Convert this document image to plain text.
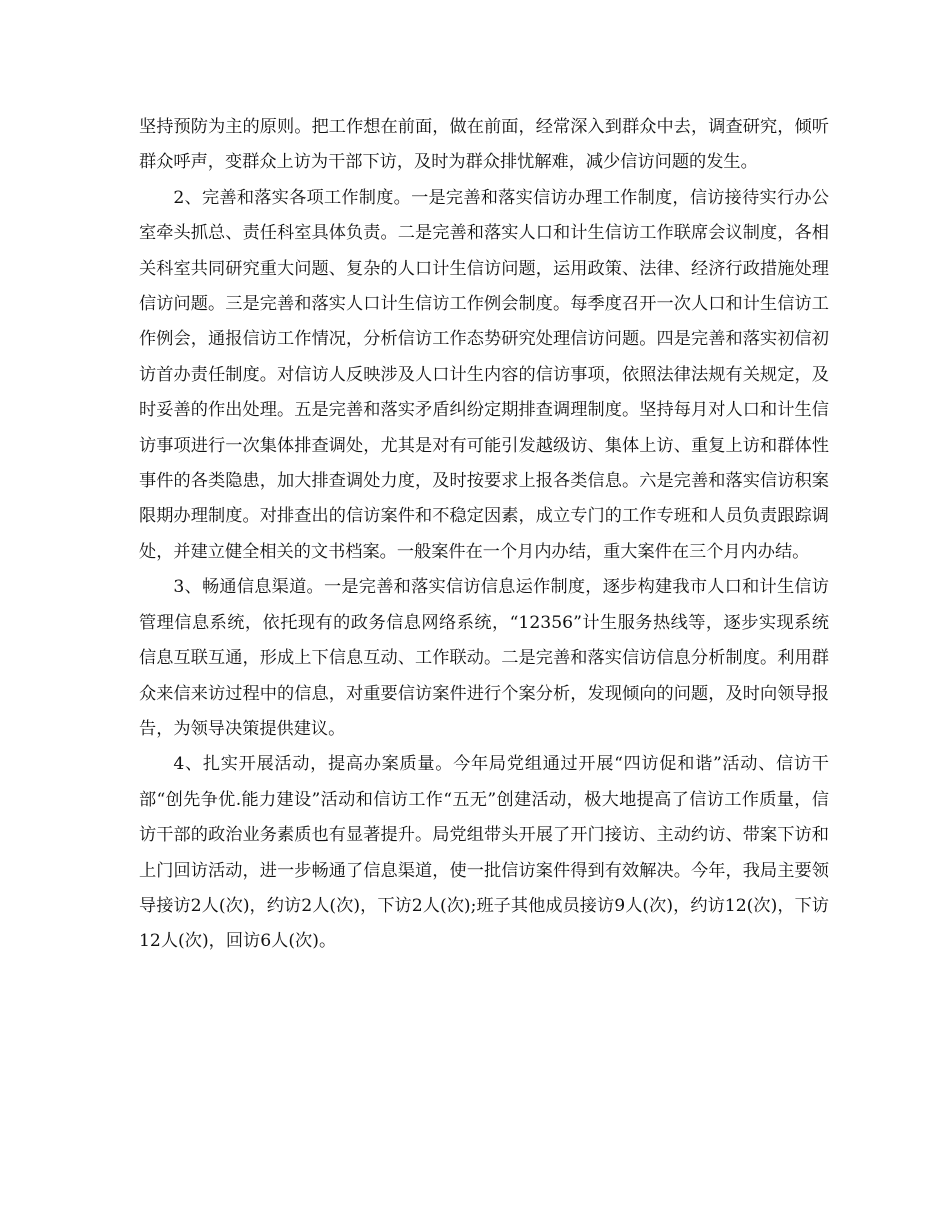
坚持预防为主的原则。把工作想在前面，做在前面，经常深入到群众中去，调查研究，倾听群众呼声，变群众上访为干部下访，及时为群众排忧解难，减少信访问题的发生。

2、完善和落实各项工作制度。一是完善和落实信访办理工作制度，信访接待实行办公室牵头抓总、责任科室具体负责。二是完善和落实人口和计生信访工作联席会议制度，各相关科室共同研究重大问题、复杂的人口计生信访问题，运用政策、法律、经济行政措施处理信访问题。三是完善和落实人口计生信访工作例会制度。每季度召开一次人口和计生信访工作例会，通报信访工作情况，分析信访工作态势研究处理信访问题。四是完善和落实初信初访首办责任制度。对信访人反映涉及人口计生内容的信访事项，依照法律法规有关规定，及时妥善的作出处理。五是完善和落实矛盾纠纷定期排查调理制度。坚持每月对人口和计生信访事项进行一次集体排查调处，尤其是对有可能引发越级访、集体上访、重复上访和群体性事件的各类隐患，加大排查调处力度，及时按要求上报各类信息。六是完善和落实信访积案限期办理制度。对排查出的信访案件和不稳定因素，成立专门的工作专班和人员负责跟踪调处，并建立健全相关的文书档案。一般案件在一个月内办结，重大案件在三个月内办结。

3、畅通信息渠道。一是完善和落实信访信息运作制度，逐步构建我市人口和计生信访管理信息系统，依托现有的政务信息网络系统，“12356”计生服务热线等，逐步实现系统信息互联互通，形成上下信息互动、工作联动。二是完善和落实信访信息分析制度。利用群众来信来访过程中的信息，对重要信访案件进行个案分析，发现倾向的问题，及时向领导报告，为领导决策提供建议。

4、扎实开展活动，提高办案质量。今年局党组通过开展“四访促和谐”活动、信访干部“创先争优.能力建设”活动和信访工作“五无”创建活动，极大地提高了信访工作质量，信访干部的政治业务素质也有显著提升。局党组带头开展了开门接访、主动约访、带案下访和上门回访活动，进一步畅通了信息渠道，使一批信访案件得到有效解决。今年，我局主要领导接访2人(次)，约访2人(次)，下访2人(次);班子其他成员接访9人(次)，约访12(次)，下访12人(次)，回访6人(次)。
